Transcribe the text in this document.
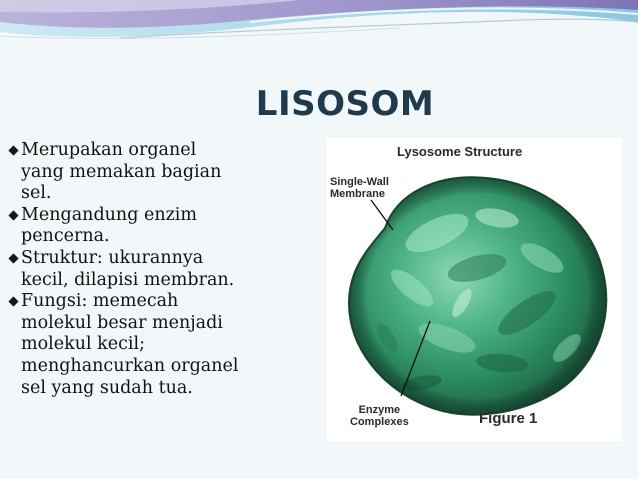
LISOSOM
Merupakan organel
yang memakan bagian
sel.
Mengandung enzim
pencerna.
Struktur: ukurannya
kecil, dilapisi membran.
Fungsi: memecah
molekul besar menjadi
molekul kecil;
menghancurkan organel
sel yang sudah tua.
Lysosome Structure
Single-Wall
Membrane
Enzyme
Complexes	Figure 1
